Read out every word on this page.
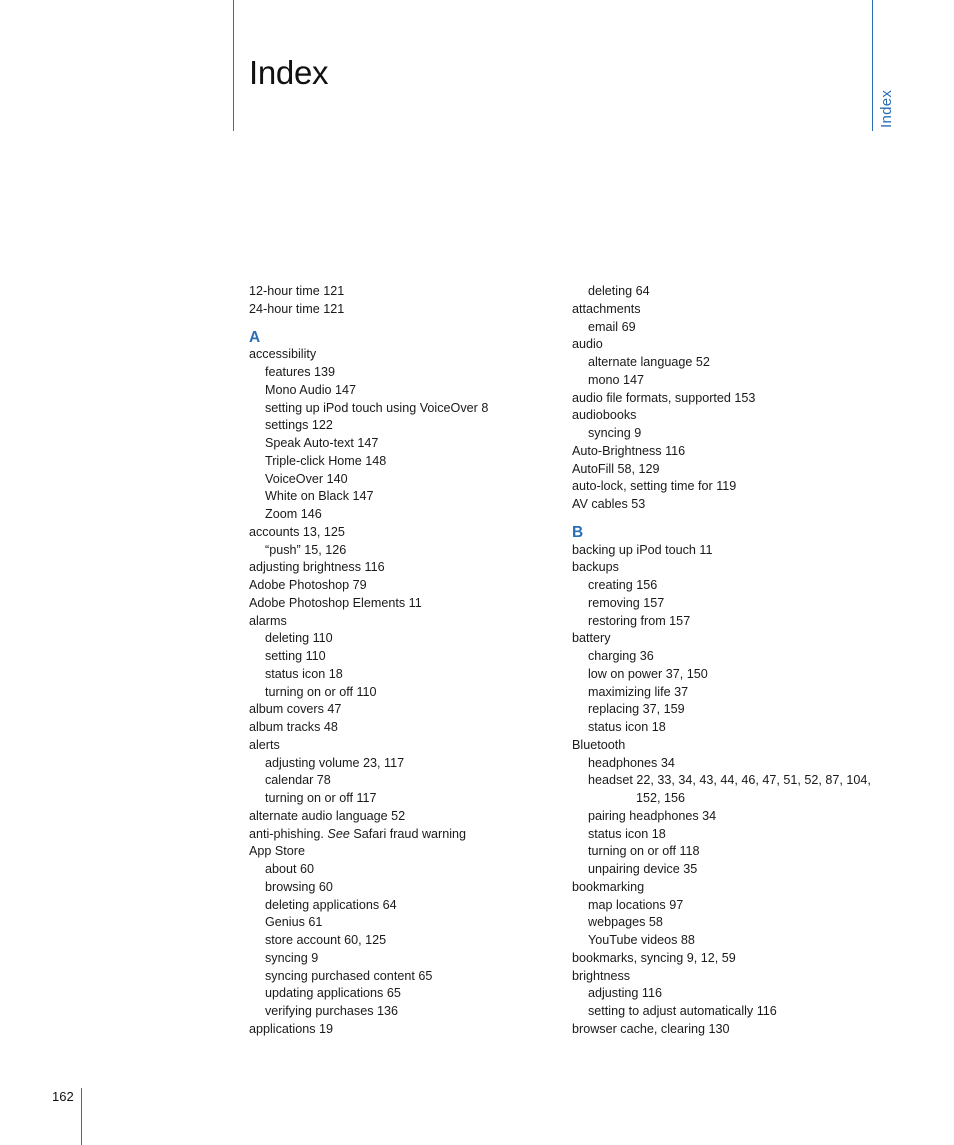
Index
Index
162
12-hour time 121
24-hour time 121
A
accessibility
features 139
Mono Audio 147
setting up iPod touch using VoiceOver 8
settings 122
Speak Auto-text 147
Triple-click Home 148
VoiceOver 140
White on Black 147
Zoom 146
accounts 13, 125
“push” 15, 126
adjusting brightness 116
Adobe Photoshop 79
Adobe Photoshop Elements 11
alarms
deleting 110
setting 110
status icon 18
turning on or off 110
album covers 47
album tracks 48
alerts
adjusting volume 23, 117
calendar 78
turning on or off 117
alternate audio language 52
anti-phishing. See Safari fraud warning
App Store
about 60
browsing 60
deleting applications 64
Genius 61
store account 60, 125
syncing 9
syncing purchased content 65
updating applications 65
verifying purchases 136
applications 19
deleting 64
attachments
email 69
audio
alternate language 52
mono 147
audio file formats, supported 153
audiobooks
syncing 9
Auto-Brightness 116
AutoFill 58, 129
auto-lock, setting time for 119
AV cables 53
B
backing up iPod touch 11
backups
creating 156
removing 157
restoring from 157
battery
charging 36
low on power 37, 150
maximizing life 37
replacing 37, 159
status icon 18
Bluetooth
headphones 34
headset 22, 33, 34, 43, 44, 46, 47, 51, 52, 87, 104, 152, 156
pairing headphones 34
status icon 18
turning on or off 118
unpairing device 35
bookmarking
map locations 97
webpages 58
YouTube videos 88
bookmarks, syncing 9, 12, 59
brightness
adjusting 116
setting to adjust automatically 116
browser cache, clearing 130
